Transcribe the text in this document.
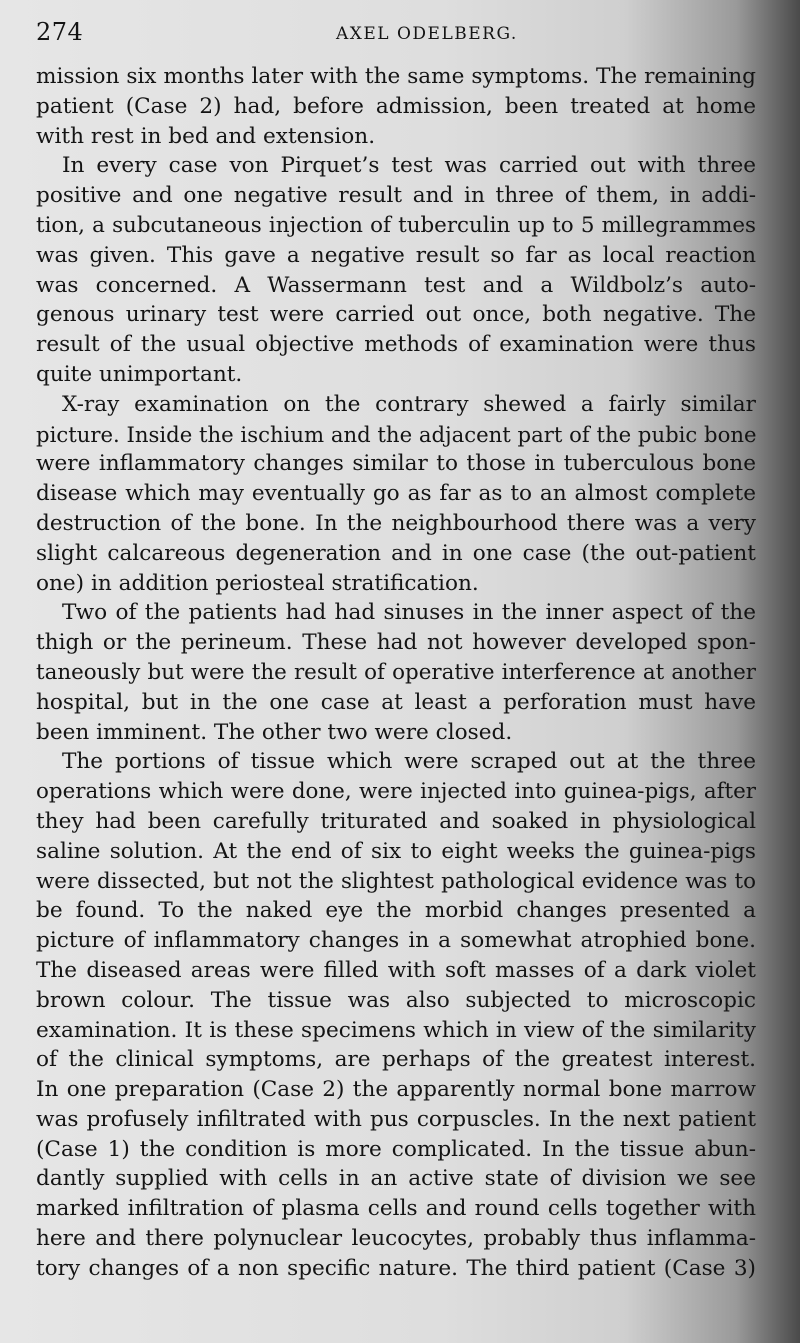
274	AXEL ODELBERG.
mission six months later with the same symptoms. The remaining
patient (Case 2) had, before admission, been treated at home
with rest in bed and extension.
In every case von Pirquet’s test was carried out with three
positive and one negative result and in three of them, in addi-
tion, a subcutaneous injection of tuberculin up to 5 millegrammes
was given. This gave a negative result so far as local reaction
was concerned. A Wassermann test and a Wildbolz’s auto-
genous urinary test were carried out once, both negative. The
result of the usual objective methods of examination were thus
quite unimportant.
X-ray examination on the contrary shewed a fairly similar
picture. Inside the ischium and the adjacent part of the pubic bone
were inflammatory changes similar to those in tuberculous bone
disease which may eventually go as far as to an almost complete
destruction of the bone. In the neighbourhood there was a very
slight calcareous degeneration and in one case (the out-patient
one) in addition periosteal stratification.
Two of the patients had had sinuses in the inner aspect of the
thigh or the perineum. These had not however developed spon-
taneously but were the result of operative interference at another
hospital, but in the one case at least a perforation must have
been imminent. The other two were closed.
The portions of tissue which were scraped out at the three
operations which were done, were injected into guinea-pigs, after
they had been carefully triturated and soaked in physiological
saline solution. At the end of six to eight weeks the guinea-pigs
were dissected, but not the slightest pathological evidence was to
be found. To the naked eye the morbid changes presented a
picture of inflammatory changes in a somewhat atrophied bone.
The diseased areas were filled with soft masses of a dark violet
brown colour. The tissue was also subjected to microscopic
examination. It is these specimens which in view of the similarity
of the clinical symptoms, are perhaps of the greatest interest.
In one preparation (Case 2) the apparently normal bone marrow
was profusely infiltrated with pus corpuscles. In the next patient
(Case 1) the condition is more complicated. In the tissue abun-
dantly supplied with cells in an active state of division we see
marked infiltration of plasma cells and round cells together with
here and there polynuclear leucocytes, probably thus inflamma-
tory changes of a non specific nature. The third patient (Case 3)
